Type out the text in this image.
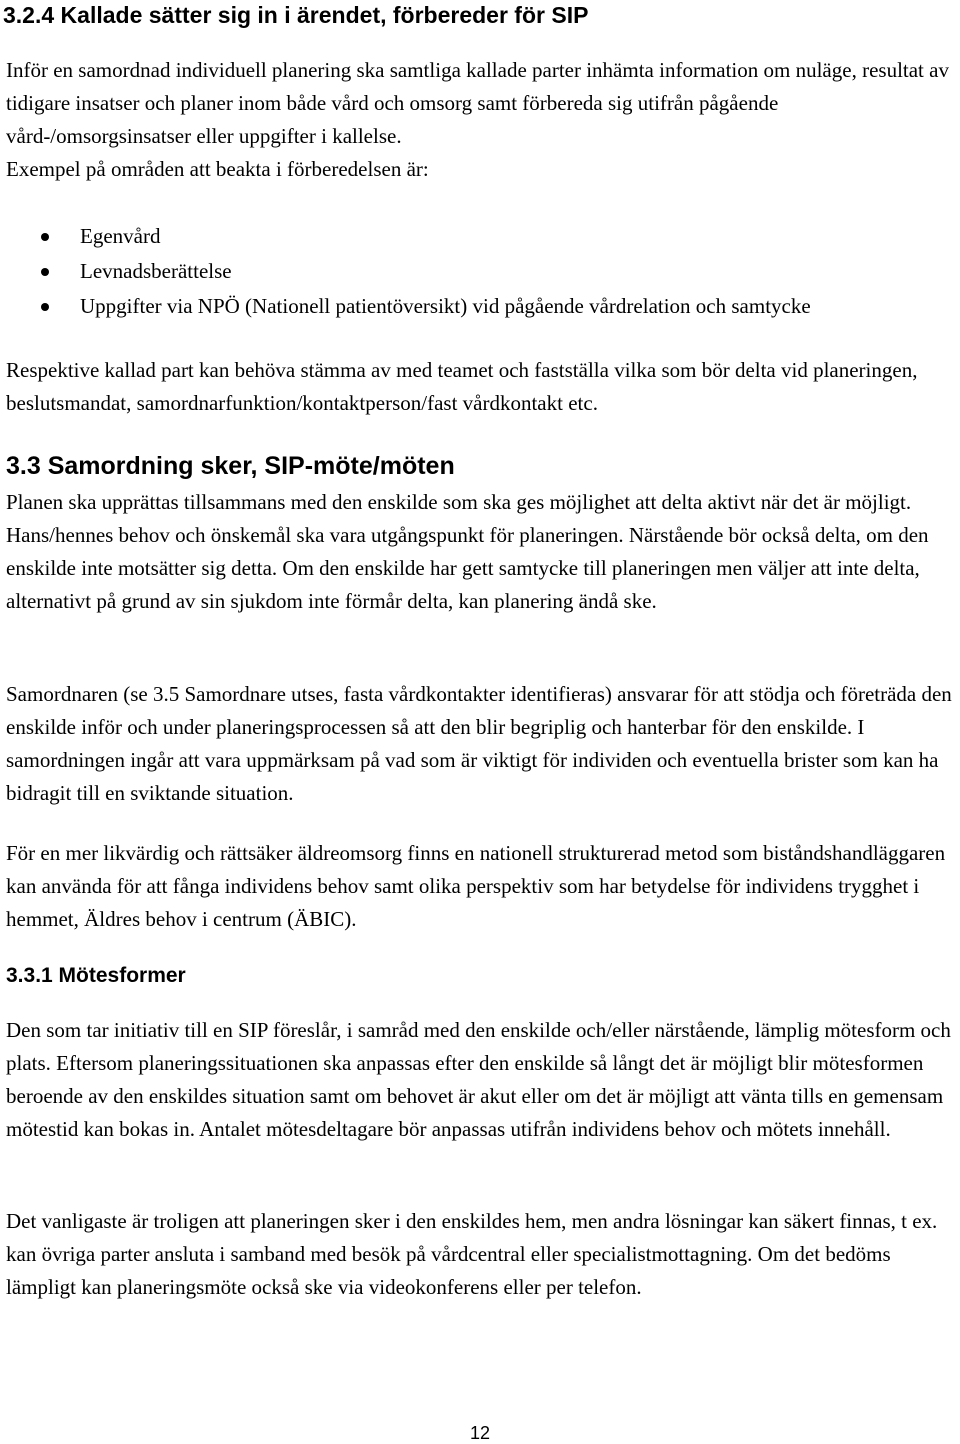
3.2.4 Kallade sätter sig in i ärendet, förbereder för SIP

Inför en samordnad individuell planering ska samtliga kallade parter inhämta information om nuläge, resultat av tidigare insatser och planer inom både vård och omsorg samt förbereda sig utifrån pågående vård-/omsorgsinsatser eller uppgifter i kallelse.

Exempel på områden att beakta i förberedelsen är:

Egenvård
Levnadsberättelse
Uppgifter via NPÖ (Nationell patientöversikt) vid pågående vårdrelation och samtycke

Respektive kallad part kan behöva stämma av med teamet och fastställa vilka som bör delta vid planeringen, beslutsmandat, samordnarfunktion/kontaktperson/fast vårdkontakt etc.

3.3 Samordning sker, SIP-möte/möten

Planen ska upprättas tillsammans med den enskilde som ska ges möjlighet att delta aktivt när det är möjligt. Hans/hennes behov och önskemål ska vara utgångspunkt för planeringen. Närstående bör också delta, om den enskilde inte motsätter sig detta. Om den enskilde har gett samtycke till planeringen men väljer att inte delta, alternativt på grund av sin sjukdom inte förmår delta, kan planering ändå ske.

Samordnaren (se 3.5 Samordnare utses, fasta vårdkontakter identifieras) ansvarar för att stödja och företräda den enskilde inför och under planeringsprocessen så att den blir begriplig och hanterbar för den enskilde. I samordningen ingår att vara uppmärksam på vad som är viktigt för individen och eventuella brister som kan ha bidragit till en sviktande situation.

För en mer likvärdig och rättsäker äldreomsorg finns en nationell strukturerad metod som biståndshandläggaren kan använda för att fånga individens behov samt olika perspektiv som har betydelse för individens trygghet i hemmet, Äldres behov i centrum (ÄBIC).

3.3.1 Mötesformer

Den som tar initiativ till en SIP föreslår, i samråd med den enskilde och/eller närstående, lämplig mötesform och plats. Eftersom planeringssituationen ska anpassas efter den enskilde så långt det är möjligt blir mötesformen beroende av den enskildes situation samt om behovet är akut eller om det är möjligt att vänta tills en gemensam mötestid kan bokas in. Antalet mötesdeltagare bör anpassas utifrån individens behov och mötets innehåll.

Det vanligaste är troligen att planeringen sker i den enskildes hem, men andra lösningar kan säkert finnas, t ex. kan övriga parter ansluta i samband med besök på vårdcentral eller specialistmottagning. Om det bedöms lämpligt kan planeringsmöte också ske via videokonferens eller per telefon.

12
